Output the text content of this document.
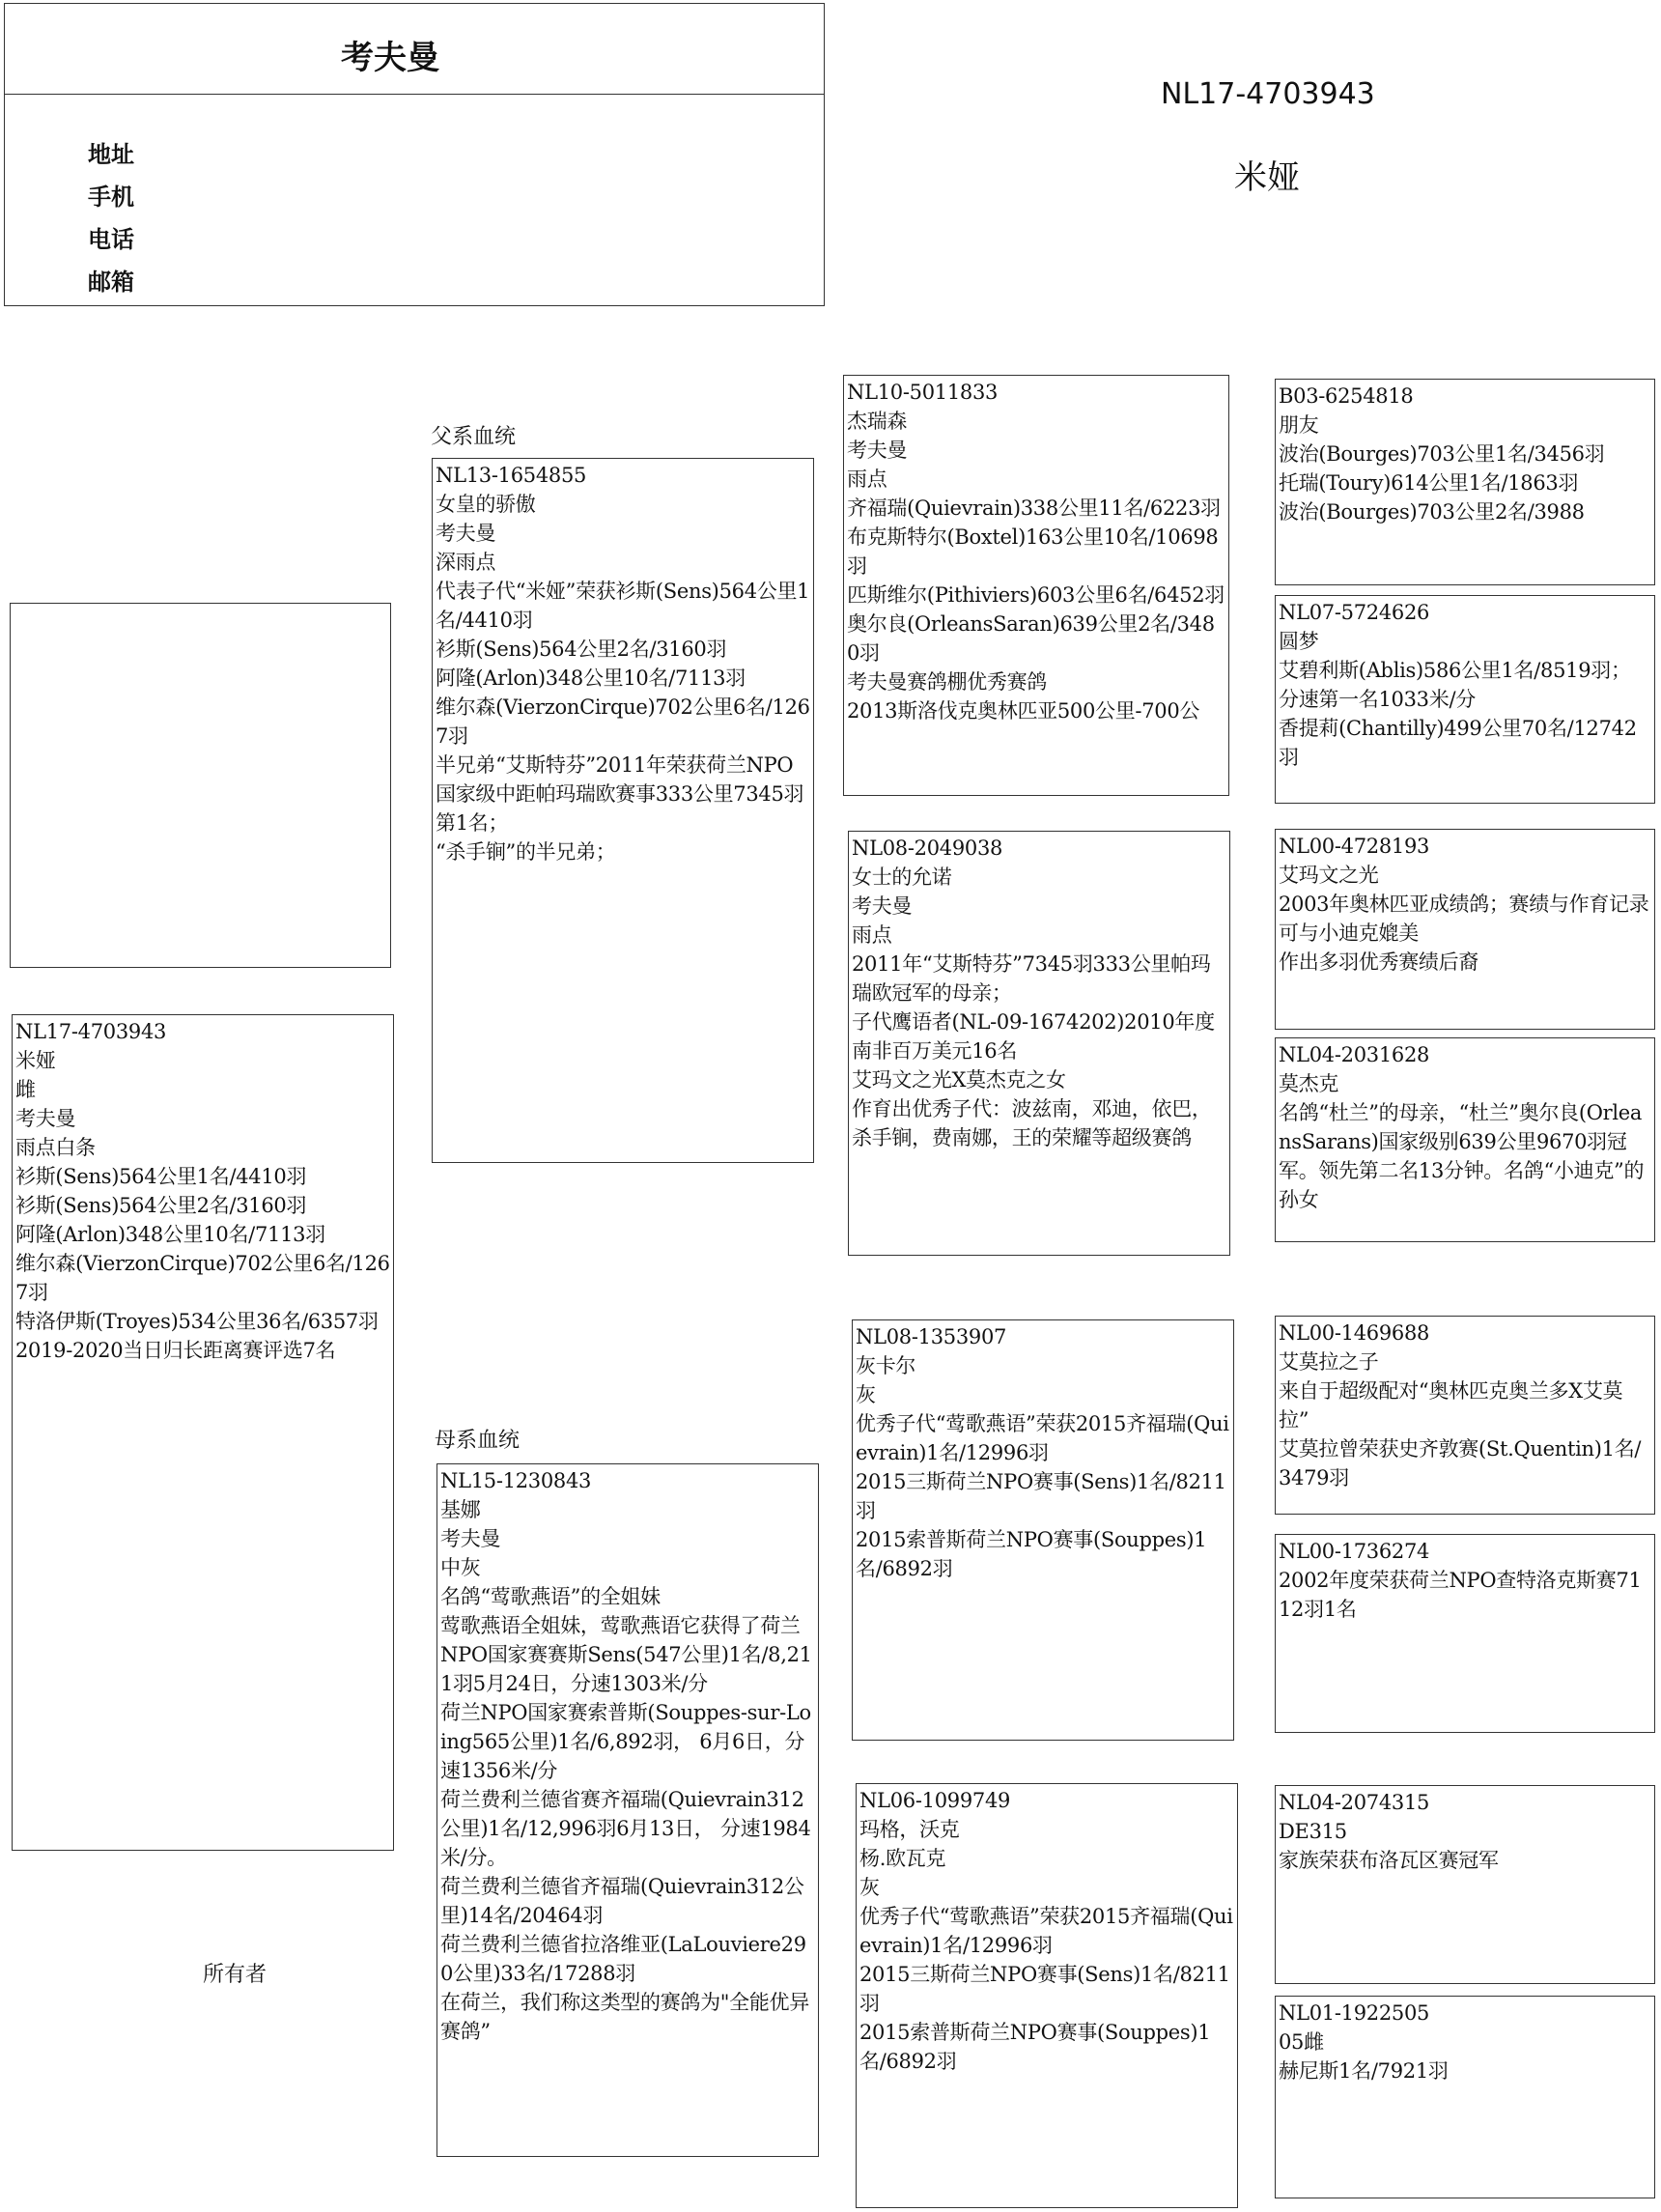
考夫曼
地址
手机
电话
邮箱
NL17-4703943
米娅
NL17-4703943
米娅
雌
考夫曼
雨点白条
衫斯(Sens)564公里1名/4410羽
衫斯(Sens)564公里2名/3160羽
阿隆(Arlon)348公里10名/7113羽
维尔森(VierzonCirque)702公里6名/1267羽
特洛伊斯(Troyes)534公里36名/6357羽
2019-2020当日归长距离赛评选7名
所有者
父系血统
NL13-1654855
女皇的骄傲
考夫曼
深雨点
代表子代“米娅”荣获衫斯(Sens)564公里1名/4410羽
衫斯(Sens)564公里2名/3160羽
阿隆(Arlon)348公里10名/7113羽
维尔森(VierzonCirque)702公里6名/1267羽
半兄弟“艾斯特芬”2011年荣获荷兰NPO国家级中距帕玛瑞欧赛事333公里7345羽第1名；
“杀手锏”的半兄弟；
母系血统
NL15-1230843
基娜
考夫曼
中灰
名鸽“莺歌燕语”的全姐妹
莺歌燕语全姐妹，莺歌燕语它获得了荷兰NPO国家赛赛斯Sens(547公里)1名/8,211羽5月24日，分速1303米/分
荷兰NPO国家赛索普斯(Souppes-sur-Loing565公里)1名/6,892羽， 6月6日，分速1356米/分
荷兰费利兰德省赛齐福瑞(Quievrain312公里)1名/12,996羽6月13日， 分速1984米/分。
荷兰费利兰德省齐福瑞(Quievrain312公里)14名/20464羽
荷兰费利兰德省拉洛维亚(LaLouviere290公里)33名/17288羽
在荷兰，我们称这类型的赛鸽为"全能优异赛鸽”
NL10-5011833
杰瑞森
考夫曼
雨点
齐福瑞(Quievrain)338公里11名/6223羽
布克斯特尔(Boxtel)163公里10名/10698羽
匹斯维尔(Pithiviers)603公里6名/6452羽
奥尔良(OrleansSaran)639公里2名/3480羽
考夫曼赛鸽棚优秀赛鸽
2013斯洛伐克奥林匹亚500公里-700公
NL08-2049038
女士的允诺
考夫曼
雨点
2011年“艾斯特芬”7345羽333公里帕玛瑞欧冠军的母亲；
子代鹰语者(NL-09-1674202)2010年度南非百万美元16名
艾玛文之光X莫杰克之女
作育出优秀子代：波兹南，邓迪，依巴，杀手锏，费南娜，王的荣耀等超级赛鸽
NL08-1353907
灰卡尔
灰
优秀子代“莺歌燕语”荣获2015齐福瑞(Quievrain)1名/12996羽
2015三斯荷兰NPO赛事(Sens)1名/8211羽
2015索普斯荷兰NPO赛事(Souppes)1名/6892羽
NL06-1099749
玛格，沃克
杨.欧瓦克
灰
优秀子代“莺歌燕语”荣获2015齐福瑞(Quievrain)1名/12996羽
2015三斯荷兰NPO赛事(Sens)1名/8211羽
2015索普斯荷兰NPO赛事(Souppes)1名/6892羽
B03-6254818
朋友
波治(Bourges)703公里1名/3456羽
托瑞(Toury)614公里1名/1863羽
波治(Bourges)703公里2名/3988
NL07-5724626
圆梦
艾碧利斯(Ablis)586公里1名/8519羽；
分速第一名1033米/分
香提莉(Chantilly)499公里70名/12742羽
NL00-4728193
艾玛文之光
2003年奥林匹亚成绩鸽；赛绩与作育记录可与小迪克媲美
作出多羽优秀赛绩后裔
NL04-2031628
莫杰克
名鸽“杜兰”的母亲，“杜兰”奥尔良(OrleansSarans)国家级别639公里9670羽冠军。领先第二名13分钟。名鸽“小迪克”的孙女
NL00-1469688
艾莫拉之子
来自于超级配对“奥林匹克奥兰多X艾莫拉”
艾莫拉曾荣获史齐敦赛(St.Quentin)1名/3479羽
NL00-1736274
2002年度荣获荷兰NPO查特洛克斯赛7112羽1名
NL04-2074315
DE315
家族荣获布洛瓦区赛冠军
NL01-1922505
05雌
赫尼斯1名/7921羽
